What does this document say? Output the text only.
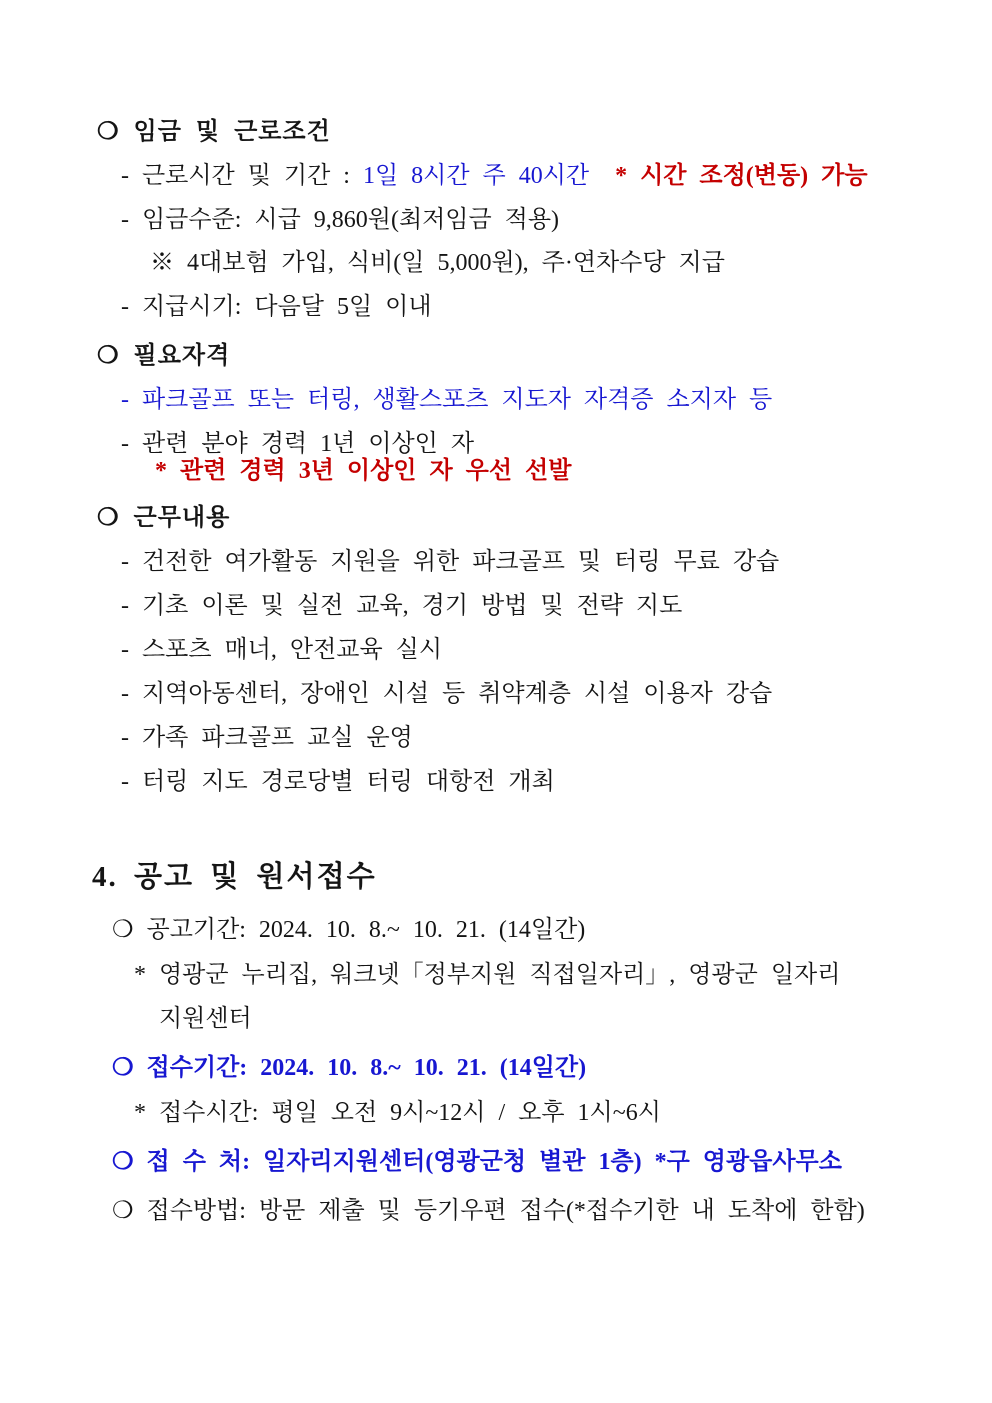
❍ 임금 및 근로조건
- 근로시간 및 기간 : 1일 8시간 주 40시간 * 시간 조정(변동) 가능
- 임금수준: 시급 9,860원(최저임금 적용)
※ 4대보험 가입, 식비(일 5,000원), 주·연차수당 지급
- 지급시기: 다음달 5일 이내
❍ 필요자격
- 파크골프 또는 터링, 생활스포츠 지도자 자격증 소지자 등
- 관련 분야 경력 1년 이상인 자
* 관련 경력 3년 이상인 자 우선 선발
❍ 근무내용
- 건전한 여가활동 지원을 위한 파크골프 및 터링 무료 강습
- 기초 이론 및 실전 교육, 경기 방법 및 전략 지도
- 스포츠 매너, 안전교육 실시
- 지역아동센터, 장애인 시설 등 취약계층 시설 이용자 강습
- 가족 파크골프 교실 운영
- 터링 지도 경로당별 터링 대항전 개최
4. 공고 및 원서접수
❍ 공고기간: 2024. 10. 8.~ 10. 21. (14일간)
* 영광군 누리집, 워크넷「정부지원 직접일자리」, 영광군 일자리
지원센터
❍ 접수기간: 2024. 10. 8.~ 10. 21. (14일간)
* 접수시간: 평일 오전 9시~12시 / 오후 1시~6시
❍ 접 수 처: 일자리지원센터(영광군청 별관 1층) *구 영광읍사무소
❍ 접수방법: 방문 제출 및 등기우편 접수(*접수기한 내 도착에 한함)
